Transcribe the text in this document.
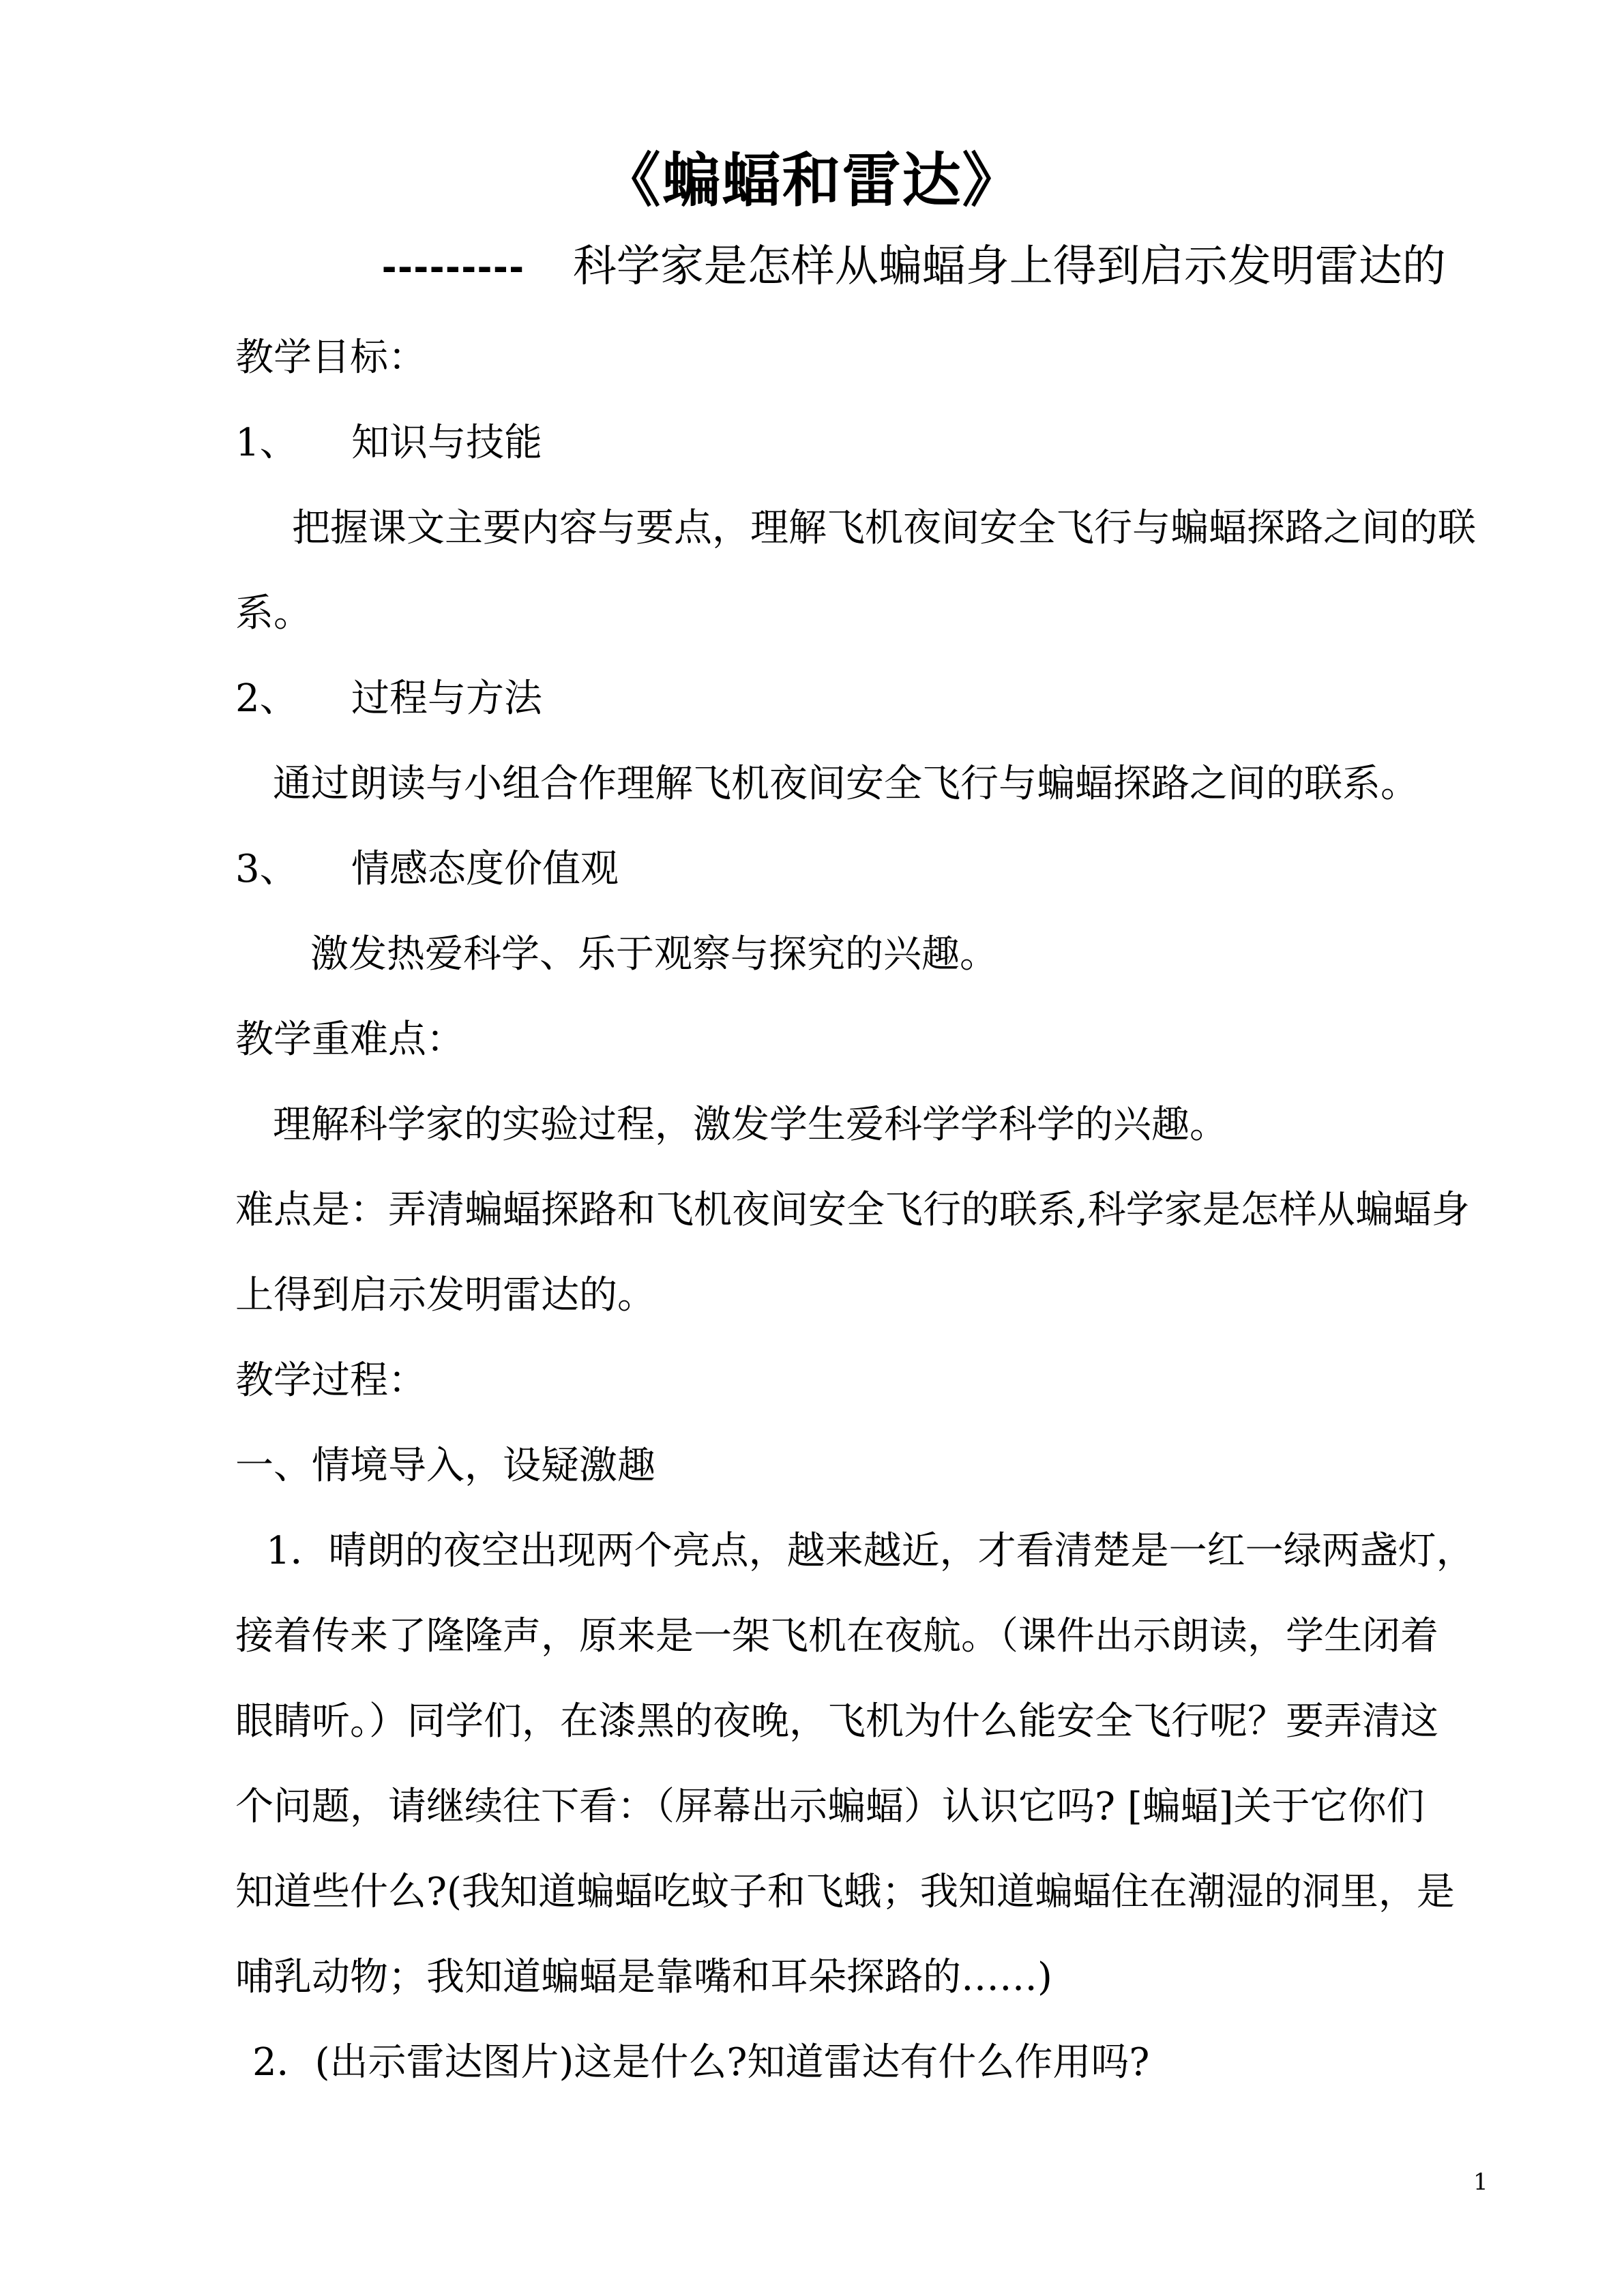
《蝙蝠和雷达》
--------- 科学家是怎样从蝙蝠身上得到启示发明雷达的
教学目标：
1、 知识与技能
把握课文主要内容与要点，理解飞机夜间安全飞行与蝙蝠探路之间的联
系。
2、 过程与方法
通过朗读与小组合作理解飞机夜间安全飞行与蝙蝠探路之间的联系。
3、 情感态度价值观
激发热爱科学、乐于观察与探究的兴趣。
教学重难点：
理解科学家的实验过程，激发学生爱科学学科学的兴趣。
难点是：弄清蝙蝠探路和飞机夜间安全飞行的联系,科学家是怎样从蝙蝠身
上得到启示发明雷达的。
教学过程：
一、情境导入，设疑激趣
1．晴朗的夜空出现两个亮点，越来越近，才看清楚是一红一绿两盏灯，
接着传来了隆隆声，原来是一架飞机在夜航。（课件出示朗读，学生闭着
眼睛听。）同学们，在漆黑的夜晚，飞机为什么能安全飞行呢？要弄清这
个问题，请继续往下看：（屏幕出示蝙蝠）认识它吗? [蝙蝠]关于它你们
知道些什么?(我知道蝙蝠吃蚊子和飞蛾；我知道蝙蝠住在潮湿的洞里，是
哺乳动物；我知道蝙蝠是靠嘴和耳朵探路的……)
2．(出示雷达图片)这是什么?知道雷达有什么作用吗?
1
